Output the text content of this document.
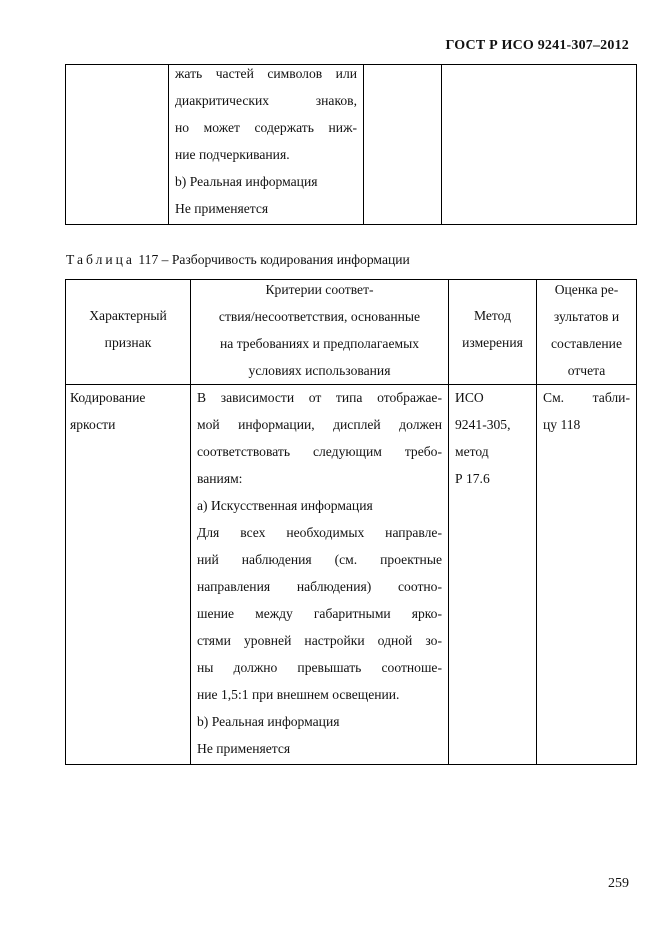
ГОСТ Р ИСО 9241-307–2012
жать частей символов или
диакритических знаков,
но может содержать ниж-
ние подчеркивания.
b) Реальная информация
Не применяется
Таблица 117 – Разборчивость кодирования информации
Характерный
признак
Критерии соответ-
ствия/несоответствия, основанные
на требованиях и предполагаемых
условиях использования
Метод
измерения
Оценка ре-
зультатов и
составление
отчета
Кодирование
яркости
В зависимости от типа отображае-
мой информации, дисплей должен
соответствовать следующим требо-
ваниям:
a) Искусственная информация
Для всех необходимых направле-
ний наблюдения (см. проектные
направления наблюдения) соотно-
шение между габаритными ярко-
стями уровней настройки одной зо-
ны должно превышать соотноше-
ние 1,5:1 при внешнем освещении.
b) Реальная информация
Не применяется
ИСО
9241-305,
метод
Р 17.6
См. табли-
цу 118
259
